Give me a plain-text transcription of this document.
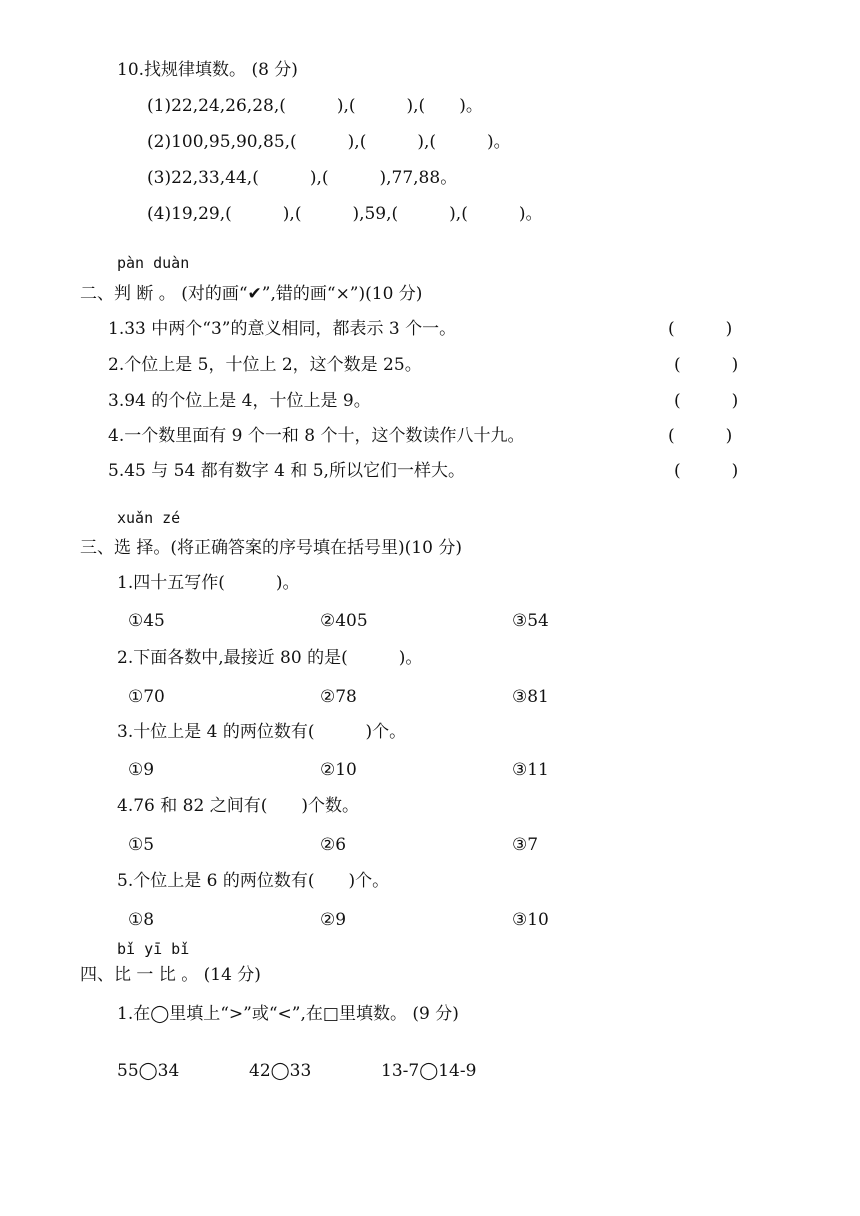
10.找规律填数。 (8 分)
(1)22,24,26,28,(　　　),(　　　),(　　)。
(2)100,95,90,85,(　　　),(　　　),(　　　)。
(3)22,33,44,(　　　),(　　　),77,88。
(4)19,29,(　　　),(　　　),59,(　　　),(　　　)。
pàn duàn
二、判 断 。 (对的画“✔”,错的画“×”)(10 分)
1.33 中两个“3”的意义相同，都表示 3 个一。	(　　　)
2.个位上是 5，十位上 2，这个数是 25。	(　　　)
3.94 的个位上是 4，十位上是 9。	(　　　)
4.一个数里面有 9 个一和 8 个十，这个数读作八十九。	(　　　)
5.45 与 54 都有数字 4 和 5,所以它们一样大。	(　　　)
xuǎn zé
三、选 择。(将正确答案的序号填在括号里)(10 分)
1.四十五写作(　　　)。
①45	②405	③54
2.下面各数中,最接近 80 的是(　　　)。
①70	②78	③81
3.十位上是 4 的两位数有(　　　)个。
①9	②10	③11
4.76 和 82 之间有(　　)个数。
①5	②6	③7
5.个位上是 6 的两位数有(　　)个。
①8	②9	③10
bǐ yī bǐ
四、比 一 比 。 (14 分)
1.在◯里填上“>”或“<”,在□里填数。 (9 分)
55◯34	42◯33	13-7◯14-9
